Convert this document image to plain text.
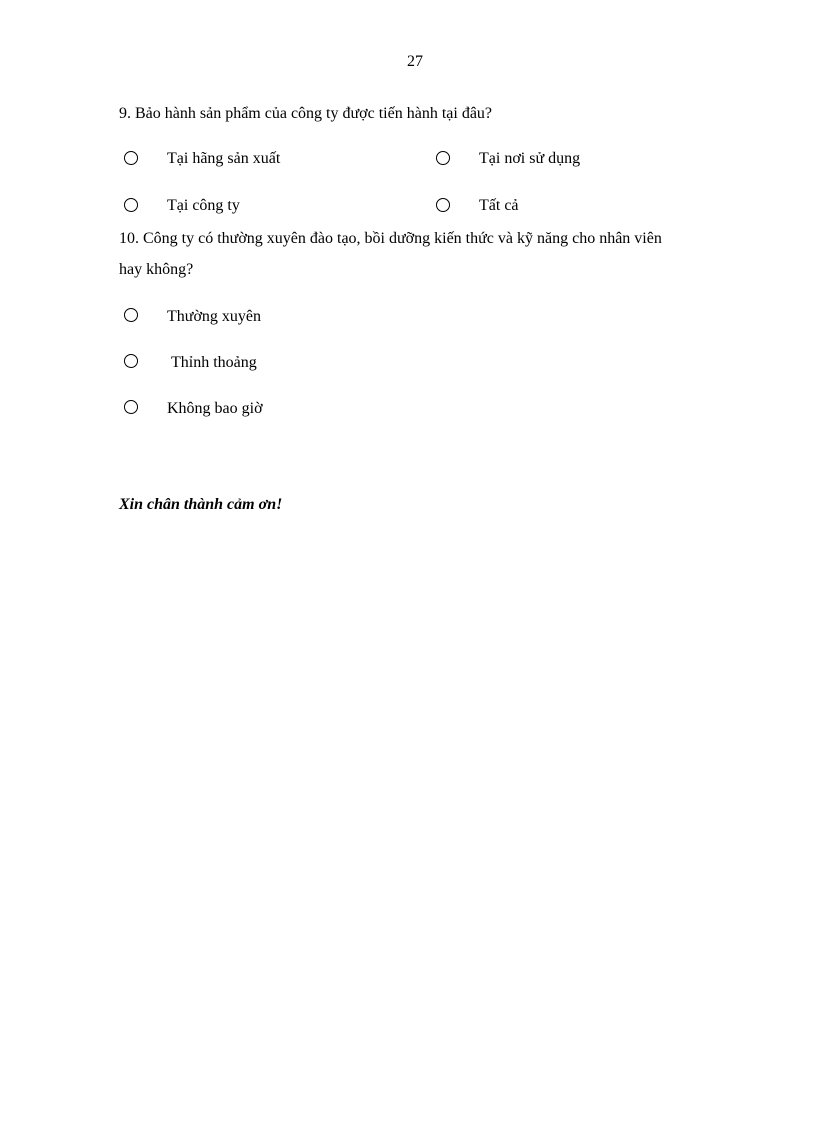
27
9. Bảo hành sản phẩm của công ty được tiến hành tại đâu?
Tại hãng sản xuất	Tại nơi sử dụng
Tại công ty	Tất cả
10. Công ty có thường xuyên đào tạo, bồi dưỡng kiến thức và kỹ năng cho nhân viên
hay không?
Thường xuyên
Thỉnh thoảng
Không bao giờ
Xin chân thành cảm ơn!
